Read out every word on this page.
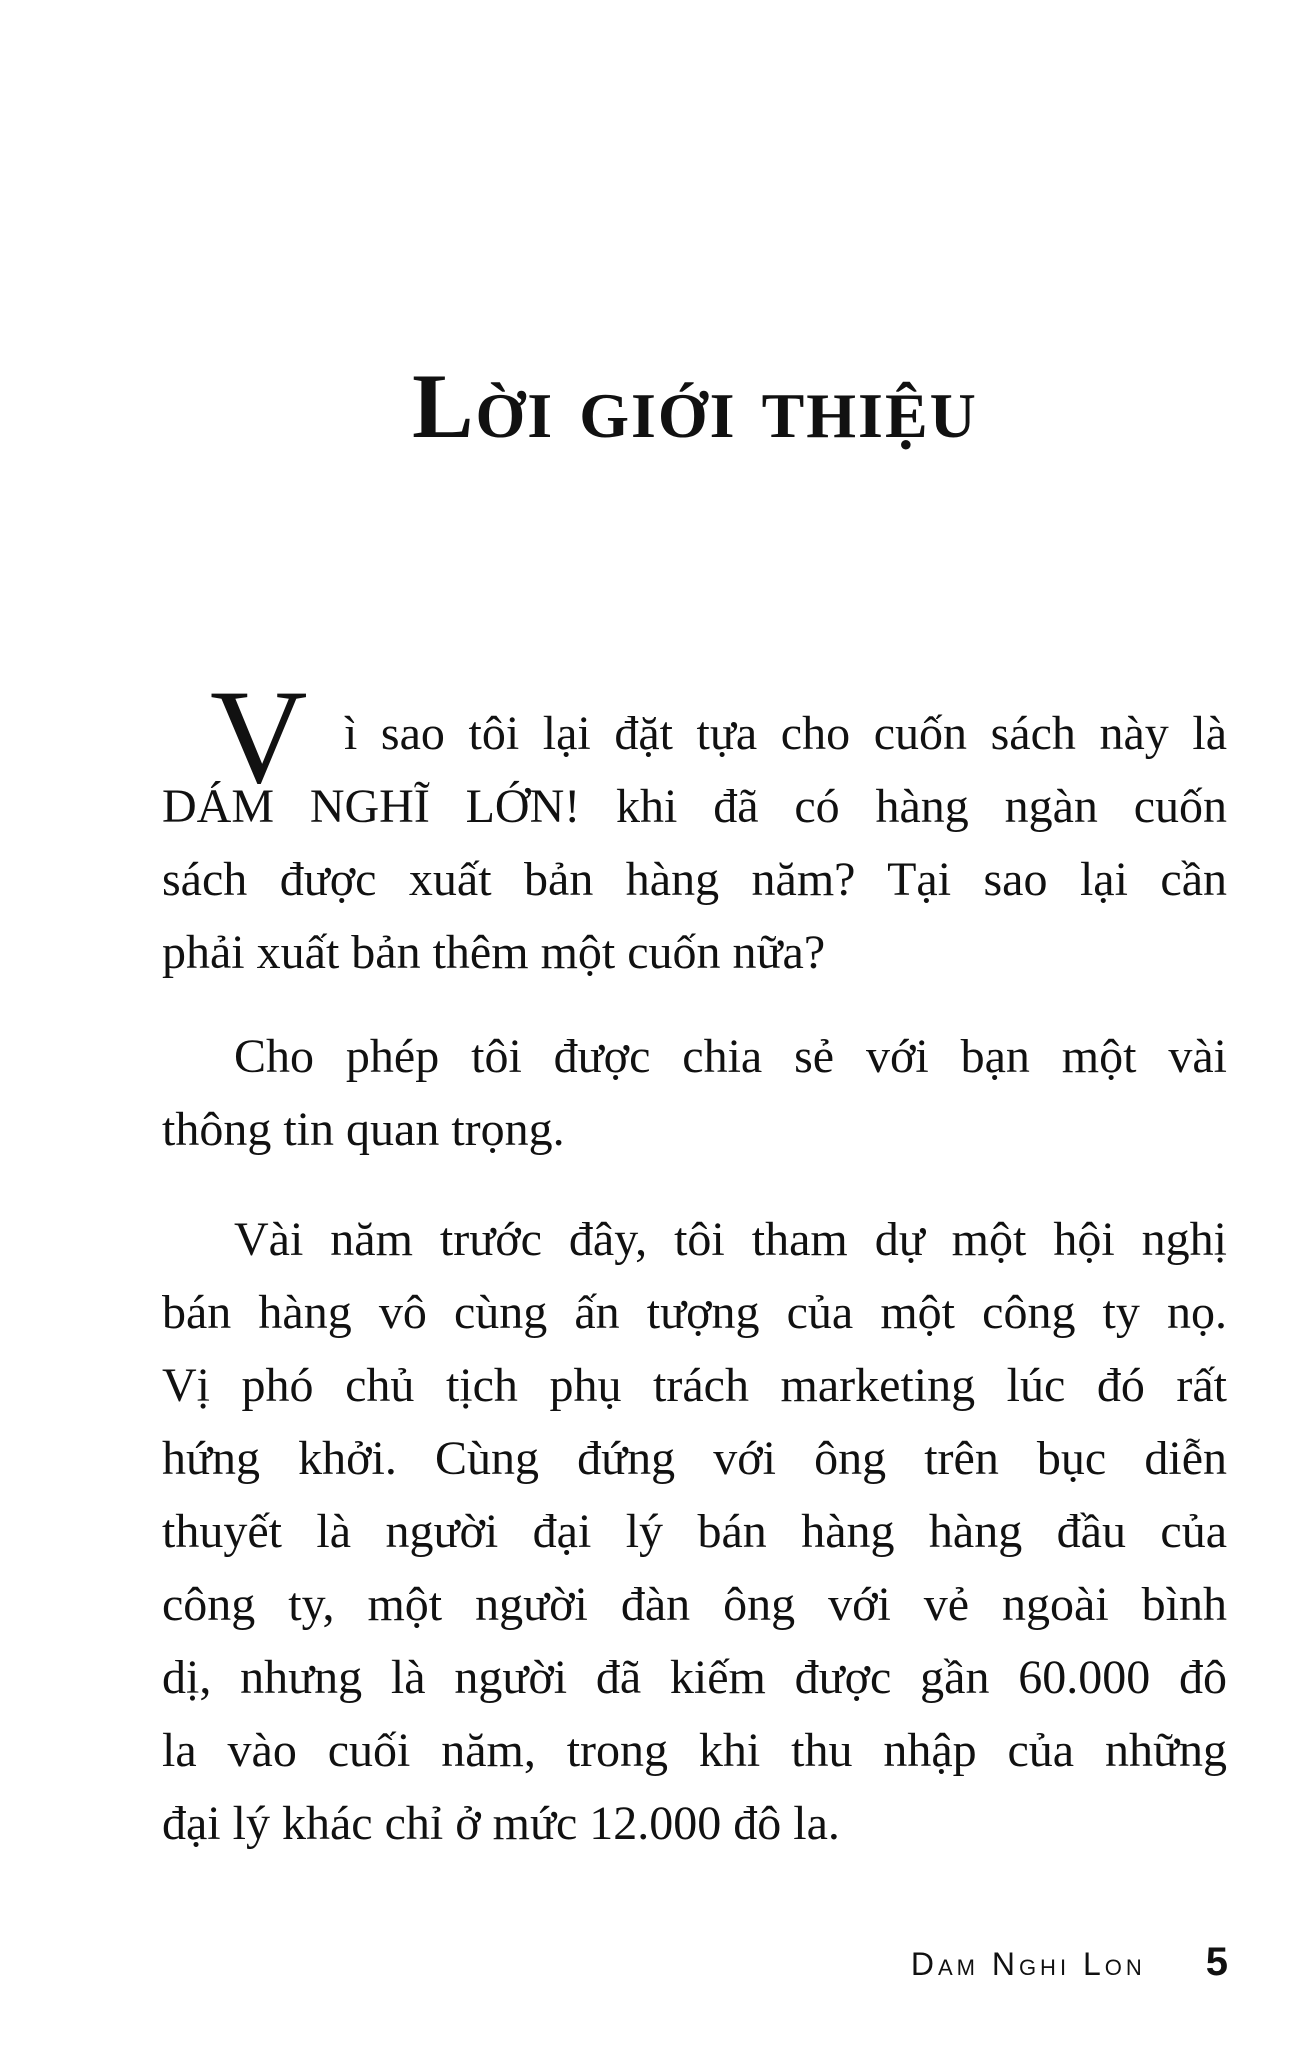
Lời giới thiệu
V ì sao tôi lại đặt tựa cho cuốn sách này là
DÁM NGHĨ LỚN! khi đã có hàng ngàn cuốn
sách được xuất bản hàng năm? Tại sao lại cần
phải xuất bản thêm một cuốn nữa?
Cho phép tôi được chia sẻ với bạn một vài
thông tin quan trọng.
Vài năm trước đây, tôi tham dự một hội nghị
bán hàng vô cùng ấn tượng của một công ty nọ.
Vị phó chủ tịch phụ trách marketing lúc đó rất
hứng khởi. Cùng đứng với ông trên bục diễn
thuyết là người đại lý bán hàng hàng đầu của
công ty, một người đàn ông với vẻ ngoài bình
dị, nhưng là người đã kiếm được gần 60.000 đô
la vào cuối năm, trong khi thu nhập của những
đại lý khác chỉ ở mức 12.000 đô la.
Dam Nghi Lon 5
